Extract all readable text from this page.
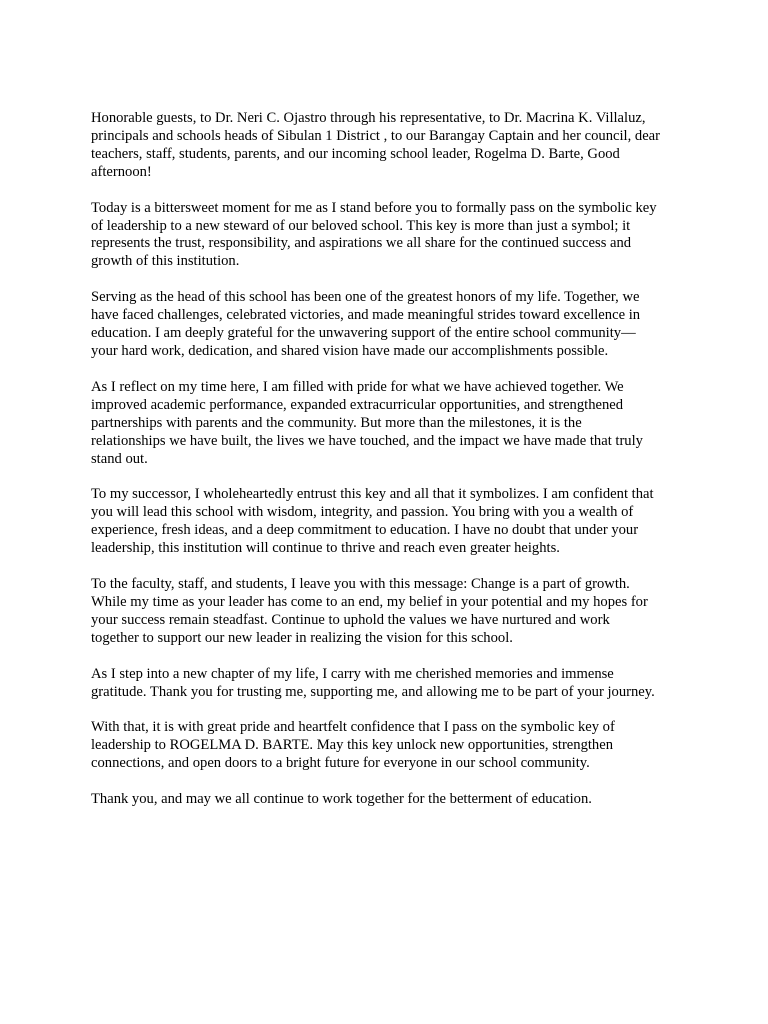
Honorable guests, to Dr. Neri C. Ojastro through his representative, to Dr. Macrina K. Villaluz,
principals and schools heads of Sibulan 1 District , to our Barangay Captain and her council, dear
teachers, staff, students, parents, and our incoming school leader, Rogelma D. Barte, Good
afternoon!

Today is a bittersweet moment for me as I stand before you to formally pass on the symbolic key
of leadership to a new steward of our beloved school. This key is more than just a symbol; it
represents the trust, responsibility, and aspirations we all share for the continued success and
growth of this institution.

Serving as the head of this school has been one of the greatest honors of my life. Together, we
have faced challenges, celebrated victories, and made meaningful strides toward excellence in
education. I am deeply grateful for the unwavering support of the entire school community—
your hard work, dedication, and shared vision have made our accomplishments possible.

As I reflect on my time here, I am filled with pride for what we have achieved together. We
improved academic performance, expanded extracurricular opportunities, and strengthened
partnerships with parents and the community. But more than the milestones, it is the
relationships we have built, the lives we have touched, and the impact we have made that truly
stand out.

To my successor, I wholeheartedly entrust this key and all that it symbolizes. I am confident that
you will lead this school with wisdom, integrity, and passion. You bring with you a wealth of
experience, fresh ideas, and a deep commitment to education. I have no doubt that under your
leadership, this institution will continue to thrive and reach even greater heights.

To the faculty, staff, and students, I leave you with this message: Change is a part of growth.
While my time as your leader has come to an end, my belief in your potential and my hopes for
your success remain steadfast. Continue to uphold the values we have nurtured and work
together to support our new leader in realizing the vision for this school.

As I step into a new chapter of my life, I carry with me cherished memories and immense
gratitude. Thank you for trusting me, supporting me, and allowing me to be part of your journey.

With that, it is with great pride and heartfelt confidence that I pass on the symbolic key of
leadership to ROGELMA D. BARTE. May this key unlock new opportunities, strengthen
connections, and open doors to a bright future for everyone in our school community.

Thank you, and may we all continue to work together for the betterment of education.
